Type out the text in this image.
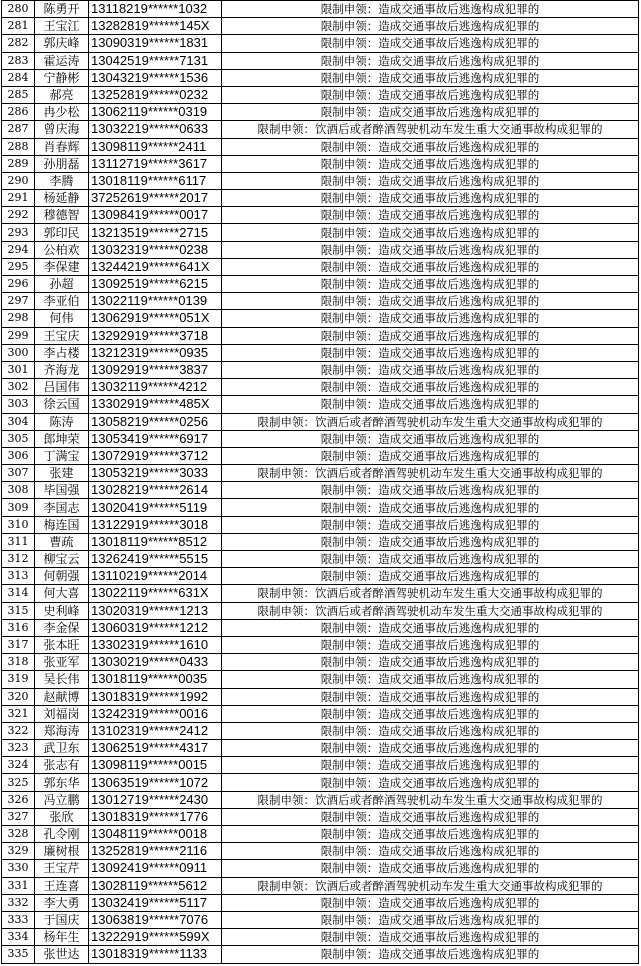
280	陈勇开	13118219******1032	限制申领：造成交通事故后逃逸构成犯罪的
281	王宝江	13282819******145X	限制申领：造成交通事故后逃逸构成犯罪的
282	郭庆峰	13090319******1831	限制申领：造成交通事故后逃逸构成犯罪的
283	霍运涛	13042519******7131	限制申领：造成交通事故后逃逸构成犯罪的
284	宁静彬	13043219******1536	限制申领：造成交通事故后逃逸构成犯罪的
285	郝亮	13252819******0232	限制申领：造成交通事故后逃逸构成犯罪的
286	冉少松	13062119******0319	限制申领：造成交通事故后逃逸构成犯罪的
287	曾庆海	13032219******0633	限制申领：饮酒后或者醉酒驾驶机动车发生重大交通事故构成犯罪的
288	肖春辉	13098119******2411	限制申领：造成交通事故后逃逸构成犯罪的
289	孙朋磊	13112719******3617	限制申领：造成交通事故后逃逸构成犯罪的
290	李腾	13018119******6117	限制申领：造成交通事故后逃逸构成犯罪的
291	杨延静	37252619******2017	限制申领：造成交通事故后逃逸构成犯罪的
292	穆德智	13098419******0017	限制申领：造成交通事故后逃逸构成犯罪的
293	郭印民	13213519******2715	限制申领：造成交通事故后逃逸构成犯罪的
294	公柏欢	13032319******0238	限制申领：造成交通事故后逃逸构成犯罪的
295	李保建	13244219******641X	限制申领：造成交通事故后逃逸构成犯罪的
296	孙超	13092519******6215	限制申领：造成交通事故后逃逸构成犯罪的
297	李亚伯	13022119******0139	限制申领：造成交通事故后逃逸构成犯罪的
298	何伟	13062919******051X	限制申领：造成交通事故后逃逸构成犯罪的
299	王宝庆	13292919******3718	限制申领：造成交通事故后逃逸构成犯罪的
300	李占楼	13212319******0935	限制申领：造成交通事故后逃逸构成犯罪的
301	齐海龙	13092919******3837	限制申领：造成交通事故后逃逸构成犯罪的
302	吕国伟	13032119******4212	限制申领：造成交通事故后逃逸构成犯罪的
303	徐云国	13302919******485X	限制申领：造成交通事故后逃逸构成犯罪的
304	陈涛	13058219******0256	限制申领：饮酒后或者醉酒驾驶机动车发生重大交通事故构成犯罪的
305	郎坤荣	13053419******6917	限制申领：造成交通事故后逃逸构成犯罪的
306	丁满宝	13072919******3712	限制申领：造成交通事故后逃逸构成犯罪的
307	张建	13053219******3033	限制申领：饮酒后或者醉酒驾驶机动车发生重大交通事故构成犯罪的
308	毕国强	13028219******2614	限制申领：造成交通事故后逃逸构成犯罪的
309	李国志	13020419******5119	限制申领：造成交通事故后逃逸构成犯罪的
310	梅连国	13122919******3018	限制申领：造成交通事故后逃逸构成犯罪的
311	曹疏	13018119******8512	限制申领：造成交通事故后逃逸构成犯罪的
312	柳宝云	13262419******5515	限制申领：造成交通事故后逃逸构成犯罪的
313	何朝强	13110219******2014	限制申领：造成交通事故后逃逸构成犯罪的
314	何大喜	13022119******631X	限制申领：饮酒后或者醉酒驾驶机动车发生重大交通事故构成犯罪的
315	史利峰	13020319******1213	限制申领：饮酒后或者醉酒驾驶机动车发生重大交通事故构成犯罪的
316	李金保	13060319******1212	限制申领：造成交通事故后逃逸构成犯罪的
317	张本旺	13302319******1610	限制申领：造成交通事故后逃逸构成犯罪的
318	张亚军	13030219******0433	限制申领：造成交通事故后逃逸构成犯罪的
319	吴长伟	13018119******0035	限制申领：造成交通事故后逃逸构成犯罪的
320	赵献博	13018319******1992	限制申领：造成交通事故后逃逸构成犯罪的
321	刘福岗	13242319******0016	限制申领：造成交通事故后逃逸构成犯罪的
322	郑海涛	13102319******2412	限制申领：造成交通事故后逃逸构成犯罪的
323	武卫东	13062519******4317	限制申领：造成交通事故后逃逸构成犯罪的
324	张志有	13098119******0015	限制申领：造成交通事故后逃逸构成犯罪的
325	郭东华	13063519******1072	限制申领：造成交通事故后逃逸构成犯罪的
326	冯立鹏	13012719******2430	限制申领：饮酒后或者醉酒驾驶机动车发生重大交通事故构成犯罪的
327	张欣	13018319******1776	限制申领：造成交通事故后逃逸构成犯罪的
328	孔令刚	13048119******0018	限制申领：造成交通事故后逃逸构成犯罪的
329	廉树根	13252819******2116	限制申领：造成交通事故后逃逸构成犯罪的
330	王宝芹	13092419******0911	限制申领：造成交通事故后逃逸构成犯罪的
331	王连喜	13028119******5612	限制申领：饮酒后或者醉酒驾驶机动车发生重大交通事故构成犯罪的
332	李大勇	13032419******5117	限制申领：造成交通事故后逃逸构成犯罪的
333	于国庆	13063819******7076	限制申领：造成交通事故后逃逸构成犯罪的
334	杨年生	13222919******599X	限制申领：造成交通事故后逃逸构成犯罪的
335	张世达	13018319******1133	限制申领：造成交通事故后逃逸构成犯罪的
